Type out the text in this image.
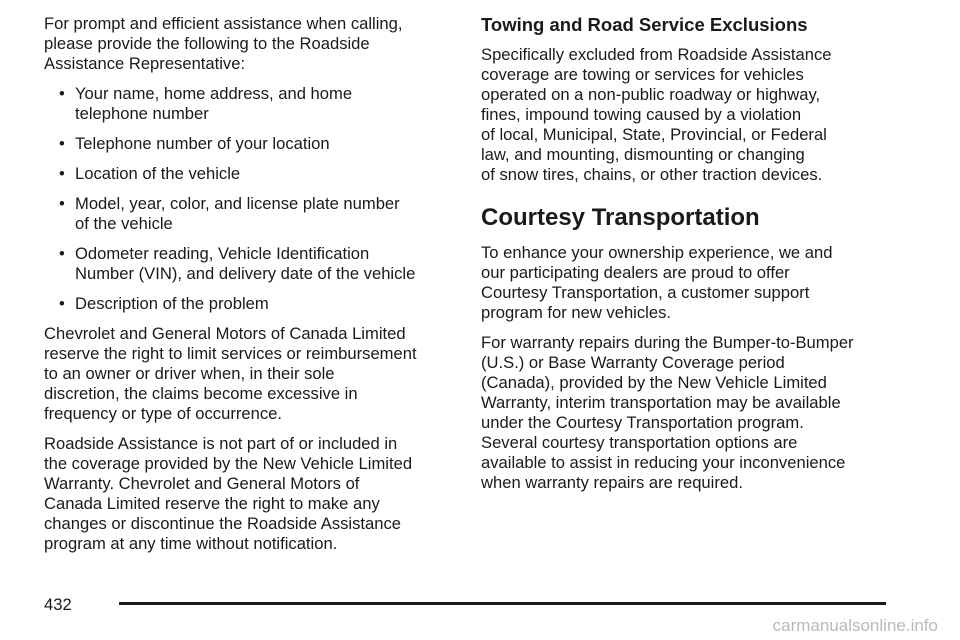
For prompt and efficient assistance when calling,
please provide the following to the Roadside
Assistance Representative:

• Your name, home address, and home
telephone number
• Telephone number of your location
• Location of the vehicle
• Model, year, color, and license plate number
of the vehicle
• Odometer reading, Vehicle Identification
Number (VIN), and delivery date of the vehicle
• Description of the problem

Chevrolet and General Motors of Canada Limited
reserve the right to limit services or reimbursement
to an owner or driver when, in their sole
discretion, the claims become excessive in
frequency or type of occurrence.

Roadside Assistance is not part of or included in
the coverage provided by the New Vehicle Limited
Warranty. Chevrolet and General Motors of
Canada Limited reserve the right to make any
changes or discontinue the Roadside Assistance
program at any time without notification.

Towing and Road Service Exclusions

Specifically excluded from Roadside Assistance
coverage are towing or services for vehicles
operated on a non-public roadway or highway,
fines, impound towing caused by a violation
of local, Municipal, State, Provincial, or Federal
law, and mounting, dismounting or changing
of snow tires, chains, or other traction devices.

Courtesy Transportation

To enhance your ownership experience, we and
our participating dealers are proud to offer
Courtesy Transportation, a customer support
program for new vehicles.

For warranty repairs during the Bumper-to-Bumper
(U.S.) or Base Warranty Coverage period
(Canada), provided by the New Vehicle Limited
Warranty, interim transportation may be available
under the Courtesy Transportation program.
Several courtesy transportation options are
available to assist in reducing your inconvenience
when warranty repairs are required.

432
carmanualsonline.info
